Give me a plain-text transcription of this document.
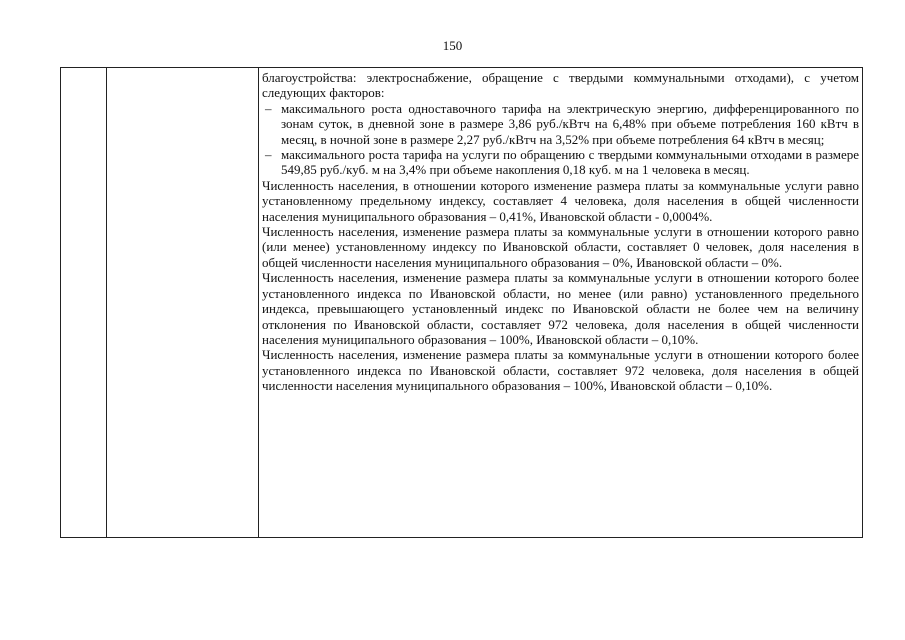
150

благоустройства: электроснабжение, обращение с твердыми коммунальными отходами), с учетом следующих факторов:

– максимального роста одноставочного тарифа на электрическую энергию, дифференцированного по зонам суток, в дневной зоне в размере 3,86 руб./кВтч на 6,48% при объеме потребления 160 кВтч в месяц, в ночной зоне в размере 2,27 руб./кВтч на 3,52% при объеме потребления 64 кВтч в месяц;
– максимального роста тарифа на услуги по обращению с твердыми коммунальными отходами в размере 549,85 руб./куб. м на 3,4% при объеме накопления 0,18 куб. м на 1 человека в месяц.

Численность населения, в отношении которого изменение размера платы за коммунальные услуги равно установленному предельному индексу, составляет 4 человека, доля населения в общей численности населения муниципального образования – 0,41%, Ивановской области - 0,0004%.

Численность населения, изменение размера платы за коммунальные услуги в отношении которого равно (или менее) установленному индексу по Ивановской области, составляет 0 человек, доля населения в общей численности населения муниципального образования – 0%, Ивановской области – 0%.

Численность населения, изменение размера платы за коммунальные услуги в отношении которого более установленного индекса по Ивановской области, но менее (или равно) установленного предельного индекса, превышающего установленный индекс по Ивановской области не более чем на величину отклонения по Ивановской области, составляет 972 человека, доля населения в общей численности населения муниципального образования – 100%, Ивановской области – 0,10%.

Численность населения, изменение размера платы за коммунальные услуги в отношении которого более установленного индекса по Ивановской области, составляет 972 человека, доля населения в общей численности населения муниципального образования – 100%, Ивановской области – 0,10%.
